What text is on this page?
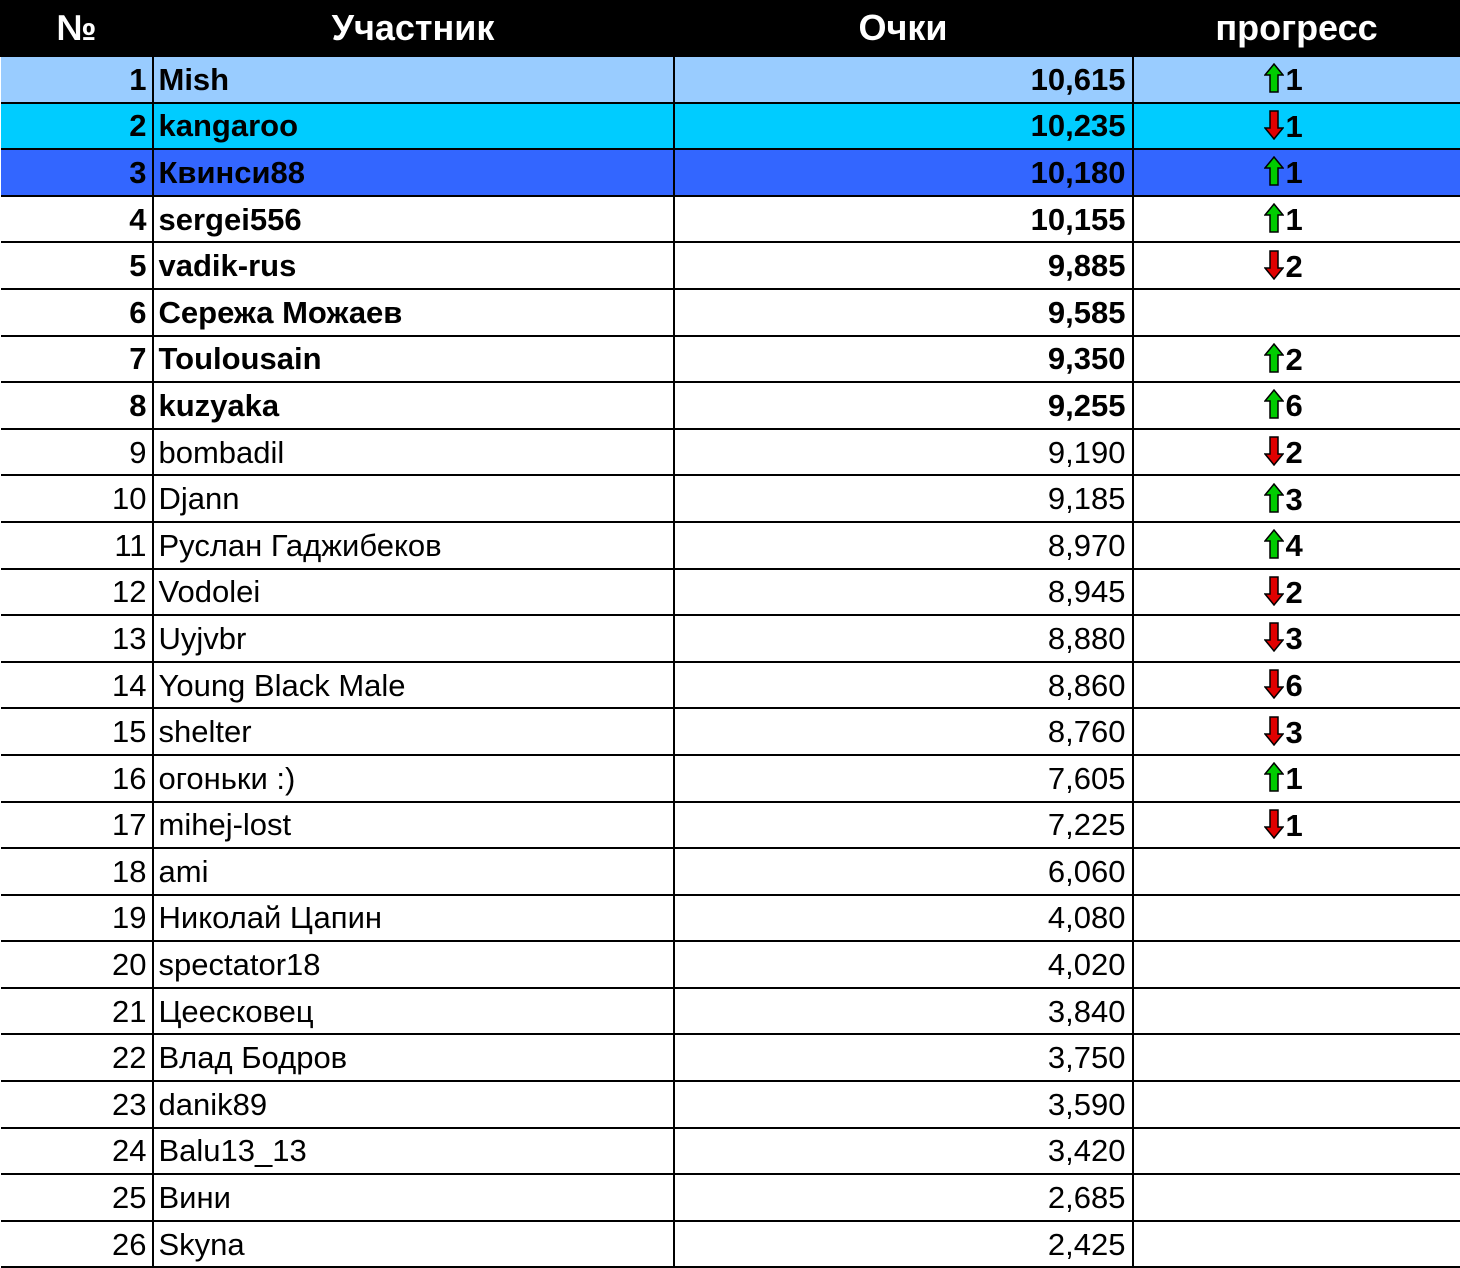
№	Участник	Очки	прогресс
1	Mish	10,615	1
2	kangaroo	10,235	1
3	Квинси88	10,180	1
4	sergei556	10,155	1
5	vadik-rus	9,885	2
6	Сережа Можаев	9,585	
7	Toulousain	9,350	2
8	kuzyaka	9,255	6
9	bombadil	9,190	2
10	Djann	9,185	3
11	Руслан Гаджибеков	8,970	4
12	Vodolei	8,945	2
13	Uyjvbr	8,880	3
14	Young Black Male	8,860	6
15	shelter	8,760	3
16	огоньки :)	7,605	1
17	mihej-lost	7,225	1
18	ami	6,060	
19	Николай Цапин	4,080	
20	spectator18	4,020	
21	Цеесковец	3,840	
22	Влад Бодров	3,750	
23	danik89	3,590	
24	Balu13_13	3,420	
25	Вини	2,685	
26	Skyna	2,425	
